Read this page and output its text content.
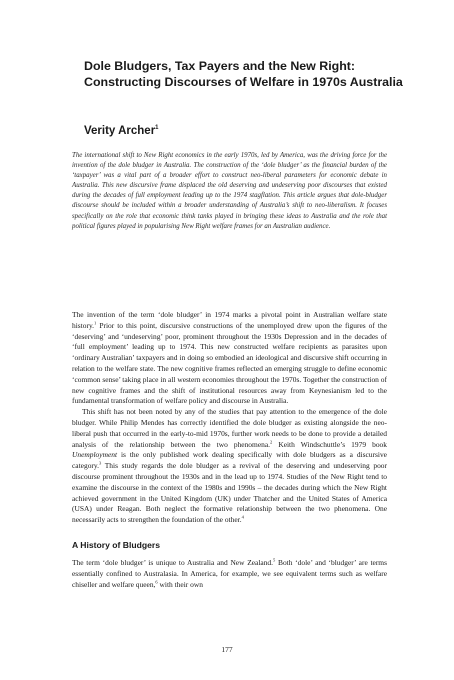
Dole Bludgers, Tax Payers and the New Right: Constructing Discourses of Welfare in 1970s Australia
Verity Archer$^1$

The international shift to New Right economics in the early 1970s, led by America, was the driving force for the invention of the dole bludger in Australia. The construction of the ‘dole bludger’ as the financial burden of the ‘taxpayer’ was a vital part of a broader effort to construct neo-liberal parameters for economic debate in Australia. This new discursive frame displaced the old deserving and undeserving poor discourses that existed during the decades of full employment leading up to the 1974 stagflation. This article argues that dole-bludger discourse should be included within a broader understanding of Australia’s shift to neo-liberalism. It focuses specifically on the role that economic think tanks played in bringing these ideas to Australia and the role that political figures played in popularising New Right welfare frames for an Australian audience.

The invention of the term ‘dole bludger’ in 1974 marks a pivotal point in Australian welfare state history.$^1$ Prior to this point, discursive constructions of the unemployed drew upon the figures of the ‘deserving’ and ‘undeserving’ poor, prominent throughout the 1930s Depression and in the decades of ‘full employment’ leading up to 1974. This new constructed welfare recipients as parasites upon ‘ordinary Australian’ taxpayers and in doing so embodied an ideological and discursive shift occurring in relation to the welfare state. The new cognitive frames reflected an emerging struggle to define economic ‘common sense’ taking place in all western economies throughout the 1970s. Together the construction of new cognitive frames and the shift of institutional resources away from Keynesianism led to the fundamental transformation of welfare policy and discourse in Australia.

This shift has not been noted by any of the studies that pay attention to the emergence of the dole bludger. While Philip Mendes has correctly identified the dole bludger as existing alongside the neo-liberal push that occurred in the early-to-mid 1970s, further work needs to be done to provide a detailed analysis of the relationship between the two phenomena.$^2$ Keith Windschuttle’s 1979 book Unemployment is the only published work dealing specifically with dole bludgers as a discursive category.$^3$ This study regards the dole bludger as a revival of the deserving and undeserving poor discourse prominent throughout the 1930s and in the lead up to 1974. Studies of the New Right tend to examine the discourse in the context of the 1980s and 1990s – the decades during which the New Right achieved government in the United Kingdom (UK) under Thatcher and the United States of America (USA) under Reagan. Both neglect the formative relationship between the two phenomena. One necessarily acts to strengthen the foundation of the other.$^4$

A History of Bludgers

The term ‘dole bludger’ is unique to Australia and New Zealand.$^5$ Both ‘dole’ and ‘bludger’ are terms essentially confined to Australasia. In America, for example, we see equivalent terms such as welfare chiseller and welfare queen,$^6$ with their own

177
